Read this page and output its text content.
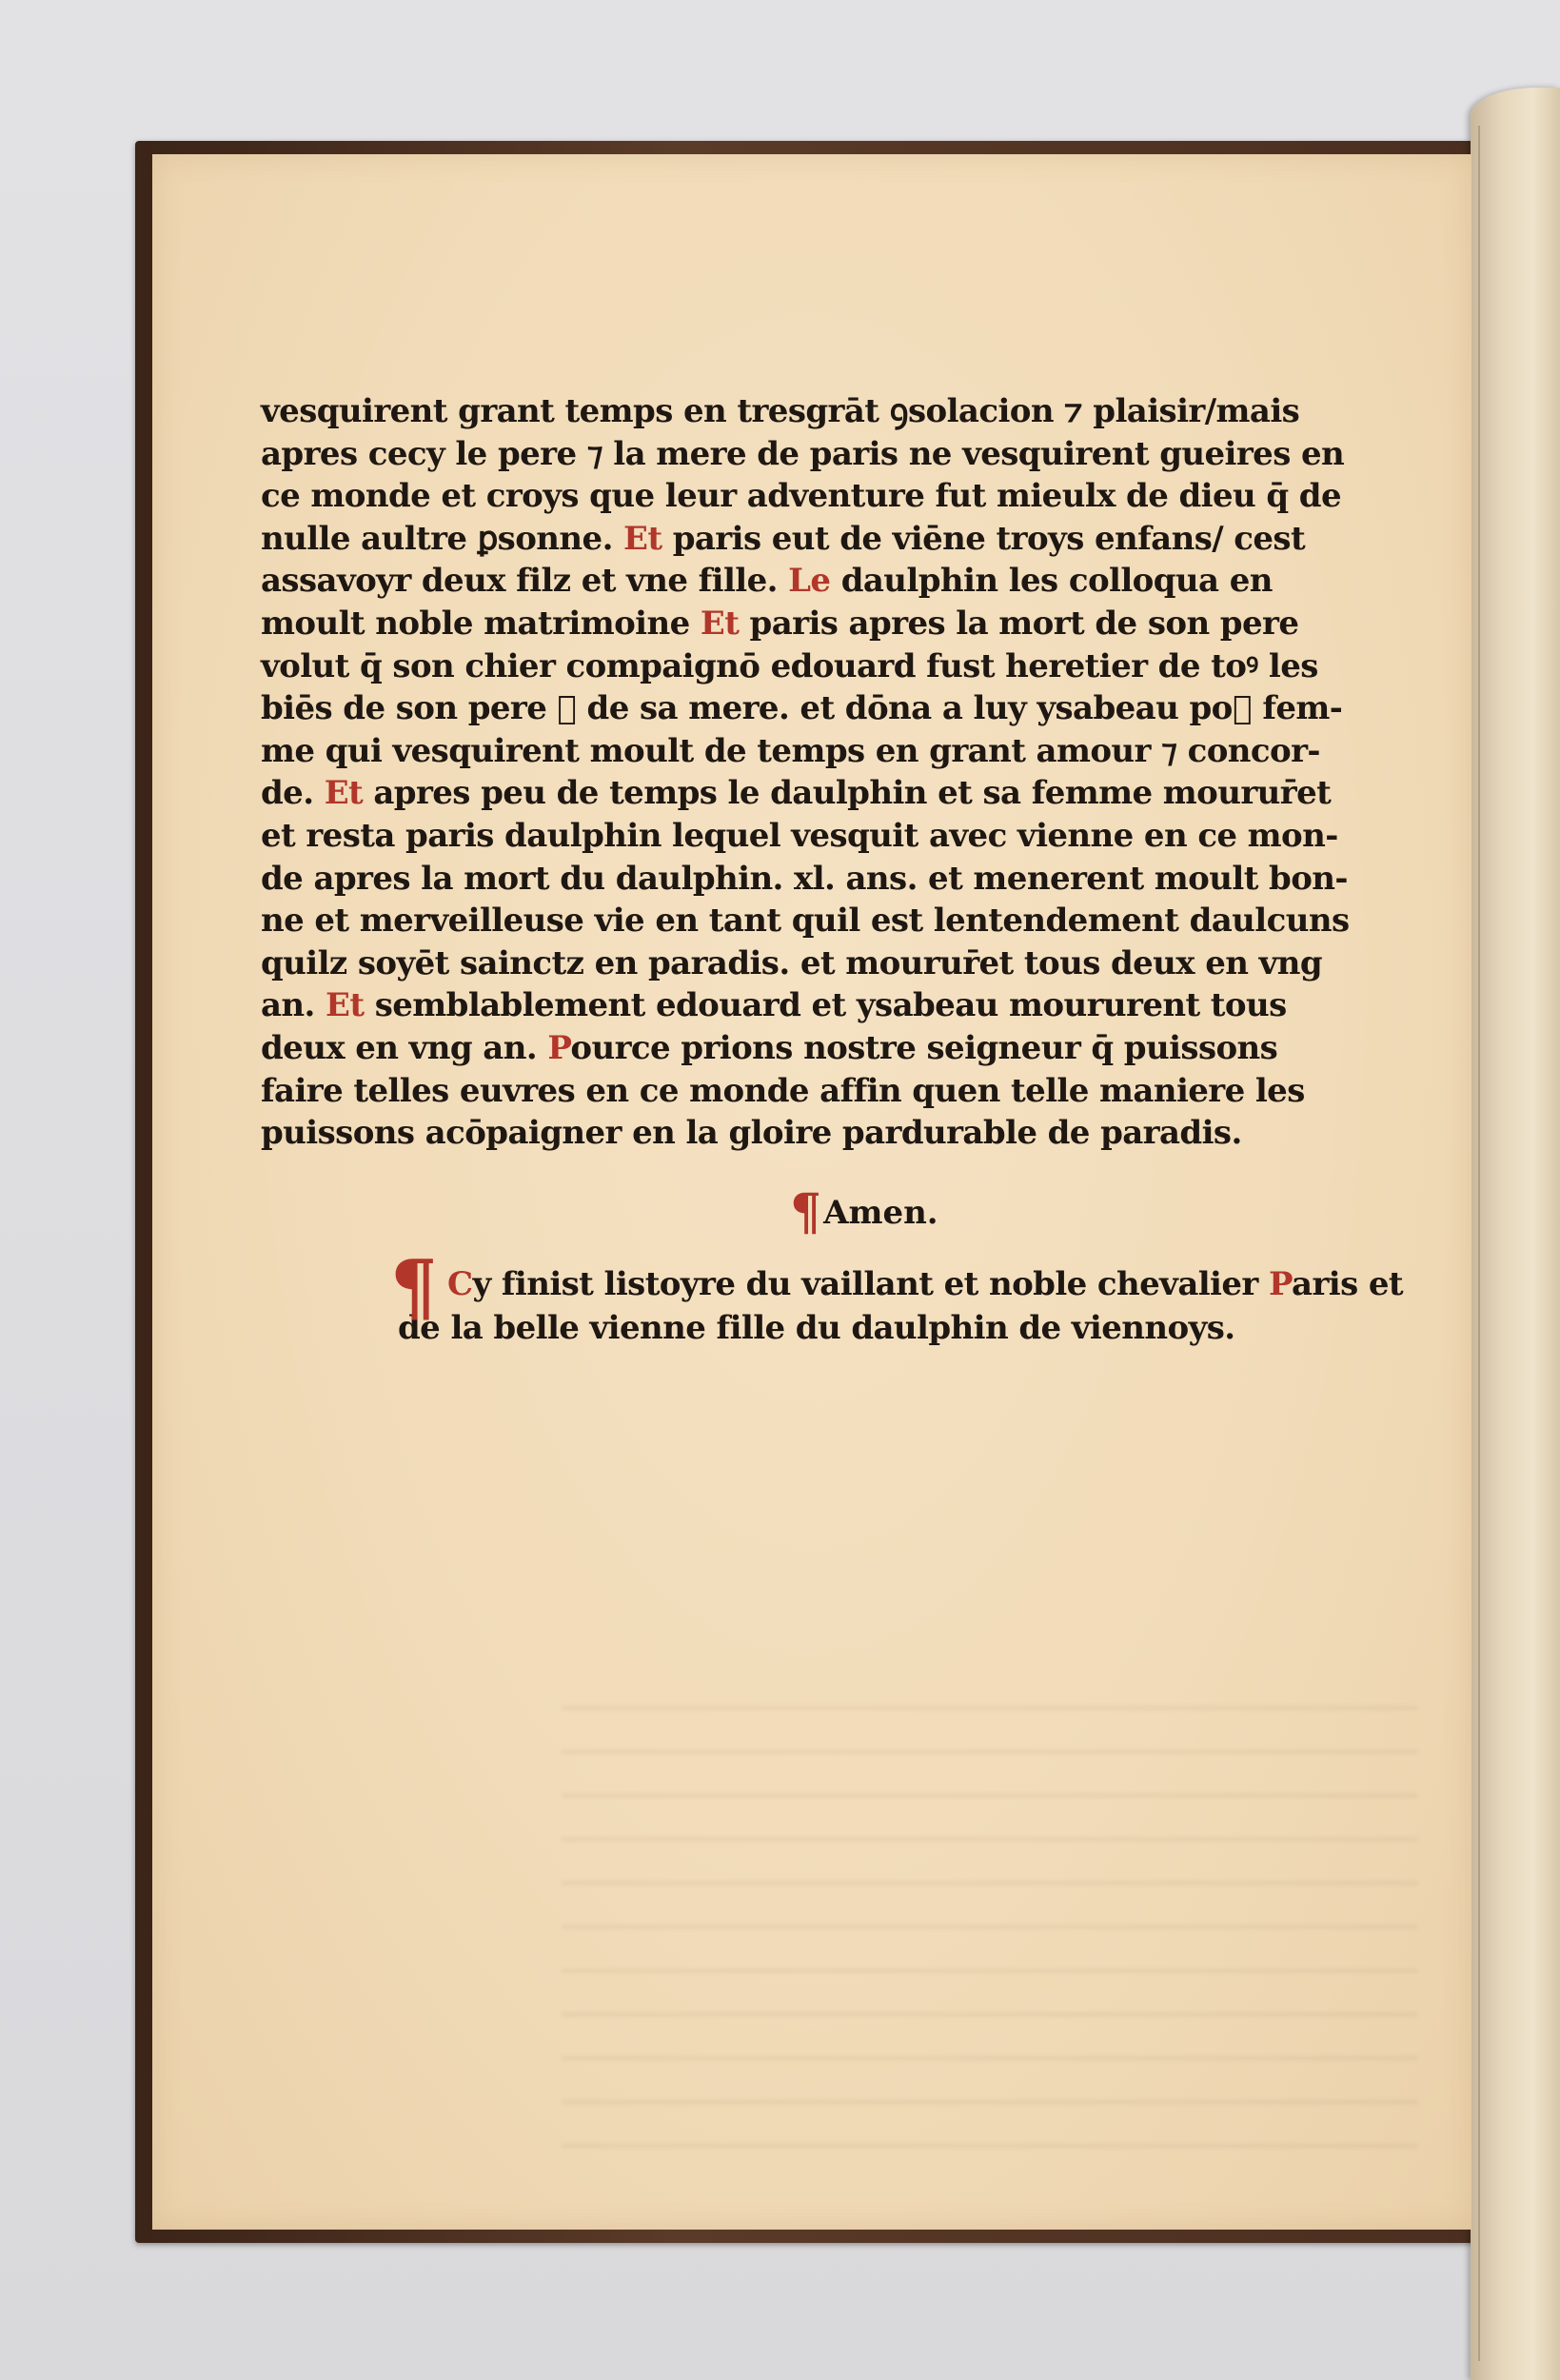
vesquirent grant temps en tresgrāt ꝯsolacion ⁊ plaisir/mais
apres cecy le pere ⁊ la mere de paris ne vesquirent gueires en
ce monde et croys que leur adventure fut mieulx de dieu q̄ de
nulle aultre ꝑsonne. Et paris eut de viēne troys enfans/ cest
assavoyr deux filz et vne fille. Le daulphin les colloqua en
moult noble matrimoine Et paris apres la mort de son pere
volut q̄ son chier compaignō edouard fust heretier de toꝰ les
biēs de son pere ⁊ de sa mere. et dōna a luy ysabeau poᷣ fem-
me qui vesquirent moult de temps en grant amour ⁊ concor-
de. Et apres peu de temps le daulphin et sa femme mourur̄et
et resta paris daulphin lequel vesquit avec vienne en ce mon-
de apres la mort du daulphin. xl. ans. et menerent moult bon-
ne et merveilleuse vie en tant quil est lentendement daulcuns
quilz soyēt sainctz en paradis. et mourur̄et tous deux en vng
an. Et semblablement edouard et ysabeau moururent tous
deux en vng an. Pource prions nostre seigneur q̄ puissons
faire telles euvres en ce monde affin quen telle maniere les
puissons acōpaigner en la gloire pardurable de paradis.
¶Amen.
¶ Cy finist listoyre du vaillant et noble chevalier Paris et
de la belle vienne fille du daulphin de viennoys.
